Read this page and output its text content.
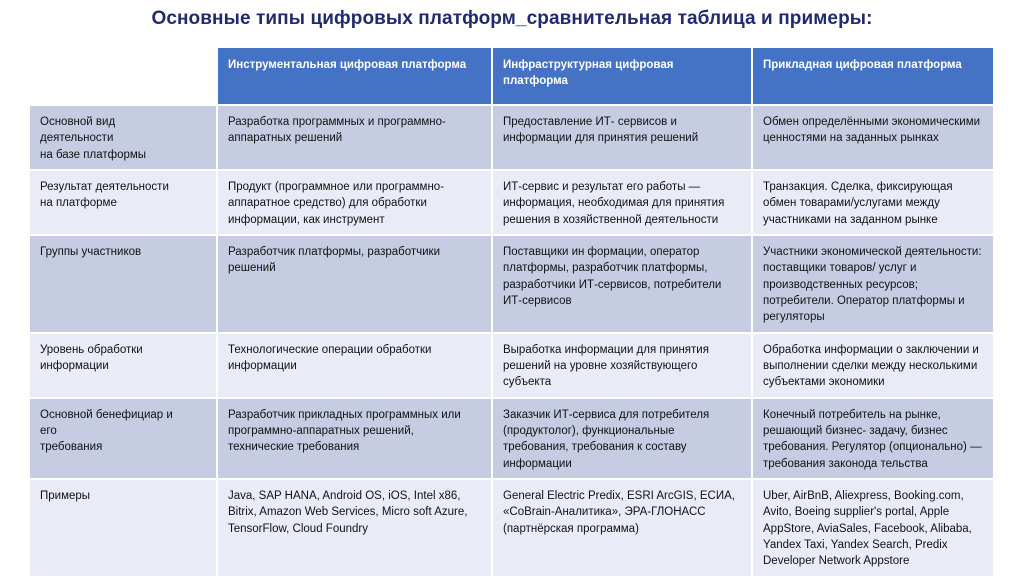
Основные типы цифровых платформ_сравнительная таблица и примеры:
	Инструментальная цифровая платформа	Инфраструктурная цифровая платформа	Прикладная цифровая платформа

Основной вид
деятельности
на базе платформы	Разработка программных и программно-аппаратных решений	Предоставление ИТ- сервисов и информации для принятия решений	Обмен определёнными экономическими ценностями на заданных рынках

Результат деятельности
на платформе	Продукт (программное или программно-аппаратное средство) для обработки информации, как инструмент	ИТ-сервис и результат его работы — информация, необходимая для принятия решения в хозяйственной деятельности	Транзакция. Сделка, фиксирующая обмен товарами/услугами между участниками на заданном рынке

Группы участников	Разработчик платформы, разработчики решений	Поставщики ин формации, оператор платформы, разработчик платформы, разработчики ИТ-сервисов, потребители ИТ-сервисов	Участники экономической деятельности: поставщики товаров/ услуг и производственных ресурсов; потребители. Оператор платформы и регуляторы

Уровень обработки
информации	Технологические операции обработки информации	Выработка информации для принятия решений на уровне хозяйствующего субъекта	Обработка информации о заключении и выполнении сделки между несколькими субъектами экономики

Основной бенефициар и
его
требования	Разработчик прикладных программных или программно-аппаратных решений, технические требования	Заказчик ИТ-сервиса для потребителя (продуктолог), функциональные требования, требования к составу информации	Конечный потребитель на рынке, решающий бизнес- задачу, бизнес требования. Регулятор (опционально) — требования законода тельства

Примеры	Java, SAP HANA, Android OS, iOS, Intel x86, Bitrix, Amazon Web Services, Micro soft Azure, TensorFlow, Cloud Foundry	General Electric Predix, ESRI ArcGIS, ЕСИА, «CoBrain-Аналитика», ЭРА-ГЛОНАСС (партнёрская программа)	Uber, AirBnB, Aliexpress, Booking.com, Avito, Boeing supplier's portal, Apple AppStore, AviaSales, Facebook, Alibaba, Yandex Taxi, Yandex Search, Predix Developer Network Appstore
